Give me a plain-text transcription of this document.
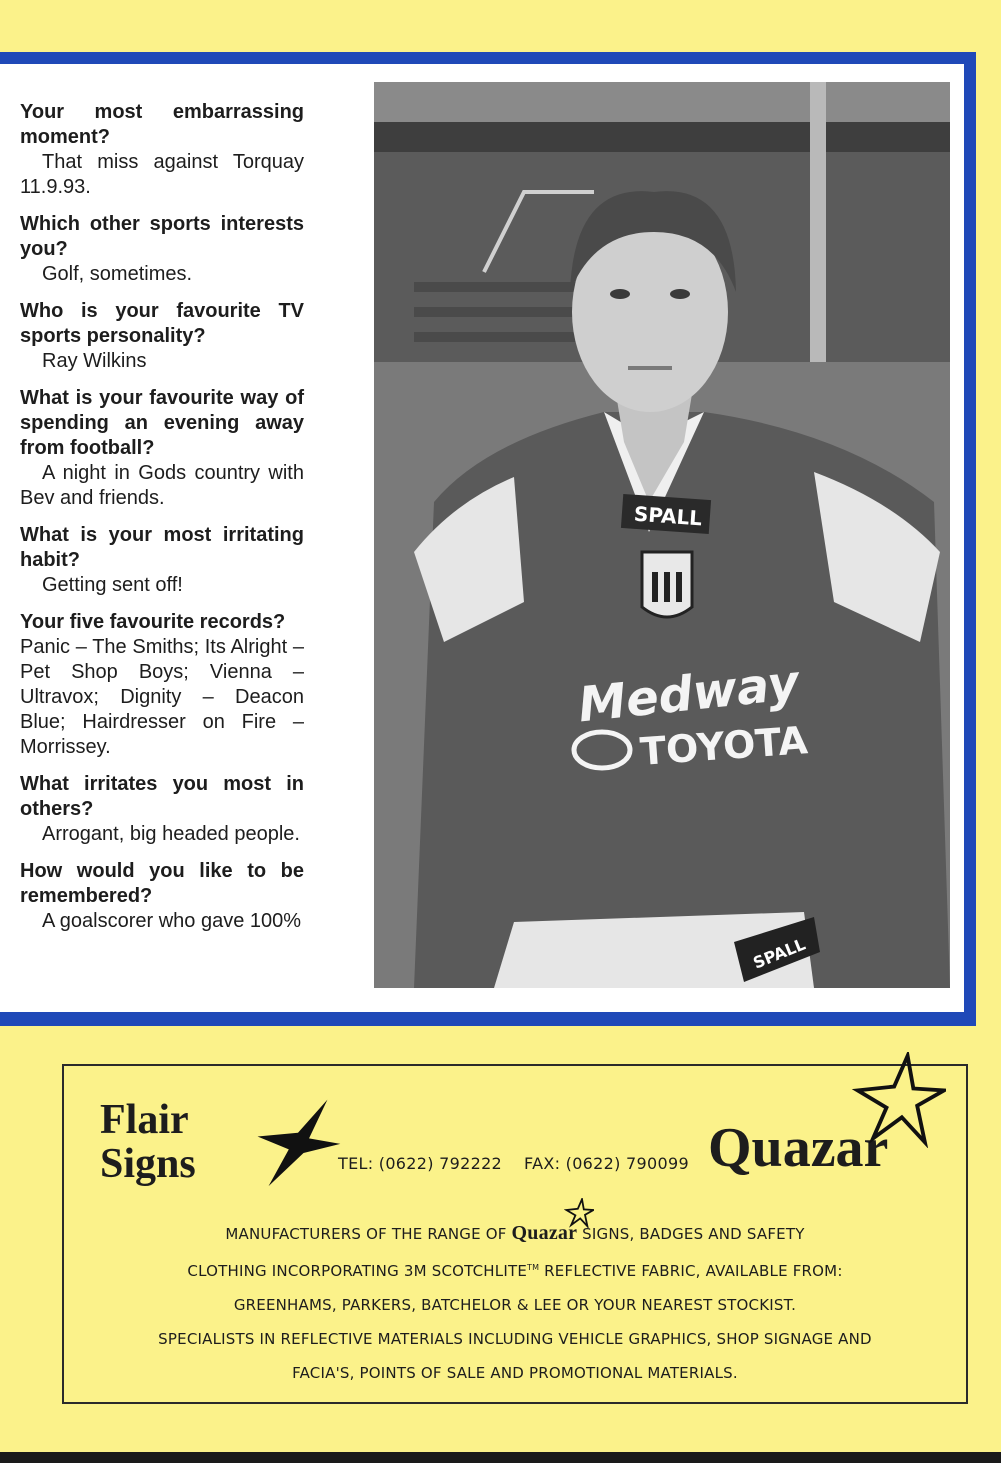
Your most embarrassing moment?
That miss against Torquay 11.9.93.
Which other sports interests you?
Golf, sometimes.
Who is your favourite TV sports personality?
Ray Wilkins
What is your favourite way of spending an evening away from football?
A night in Gods country with Bev and friends.
What is your most irritating habit?
Getting sent off!
Your five favourite records?
Panic – The Smiths; Its Alright – Pet Shop Boys; Vienna – Ultravox; Dignity – Deacon Blue; Hairdresser on Fire – Morrissey.
What irritates you most in others?
Arrogant, big headed people.
How would you like to be remembered?
A goalscorer who gave 100%
SPALL
Medway
TOYOTA
SPALL
Flair
Signs	TEL: (0622) 792222 FAX: (0622) 790099 Quazar
MANUFACTURERS OF THE RANGE OF Quazar
SIGNS, BADGES AND SAFETY
CLOTHING INCORPORATING 3M SCOTCHLITE™ REFLECTIVE FABRIC, AVAILABLE FROM:
GREENHAMS, PARKERS, BATCHELOR & LEE OR YOUR NEAREST STOCKIST.
SPECIALISTS IN REFLECTIVE MATERIALS INCLUDING VEHICLE GRAPHICS, SHOP SIGNAGE AND
FACIA'S, POINTS OF SALE AND PROMOTIONAL MATERIALS.
